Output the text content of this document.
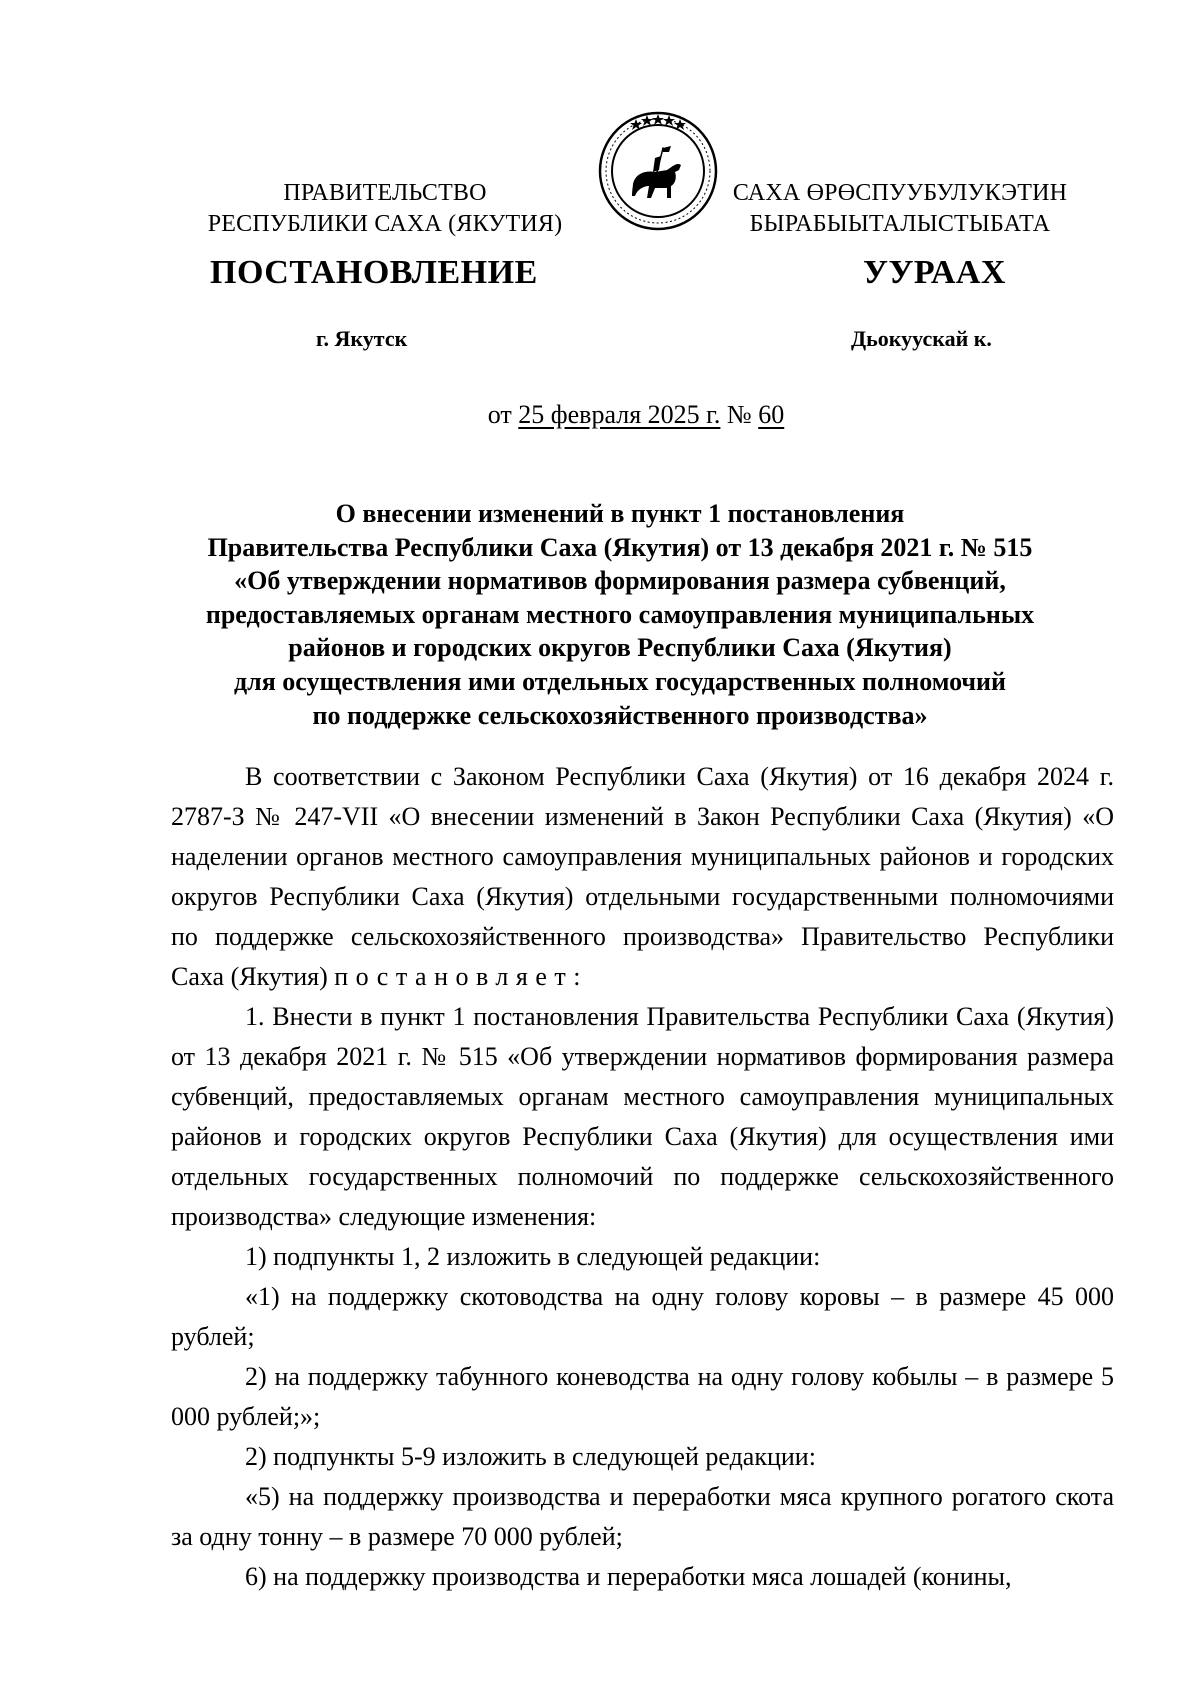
ПРАВИТЕЛЬСТВО
РЕСПУБЛИКИ САХА (ЯКУТИЯ)
САХА ӨРӨСПУУБУЛУКЭТИН
БЫРАБЫЫТАЛЫСТЫБАТА
ПОСТАНОВЛЕНИЕ	УУРААХ
г. Якутск	Дьокуускай к.
от 25 февраля 2025 г. № 60
О внесении изменений в пункт 1 постановления
Правительства Республики Саха (Якутия) от 13 декабря 2021 г. № 515
«Об утверждении нормативов формирования размера субвенций,
предоставляемых органам местного самоуправления муниципальных
районов и городских округов Республики Саха (Якутия)
для осуществления ими отдельных государственных полномочий
по поддержке сельскохозяйственного производства»

В соответствии с Законом Республики Саха (Якутия) от 16 декабря 2024 г. 2787-З № 247-VII «О внесении изменений в Закон Республики Саха (Якутия) «О наделении органов местного самоуправления муниципальных районов и городских округов Республики Саха (Якутия) отдельными государственными полномочиями по поддержке сельскохозяйственного производства» Правительство Республики Саха (Якутия) постановляет:

1. Внести в пункт 1 постановления Правительства Республики Саха (Якутия) от 13 декабря 2021 г. № 515 «Об утверждении нормативов формирования размера субвенций, предоставляемых органам местного самоуправления муниципальных районов и городских округов Республики Саха (Якутия) для осуществления ими отдельных государственных полномочий по поддержке сельскохозяйственного производства» следующие изменения:

1) подпункты 1, 2 изложить в следующей редакции:

«1) на поддержку скотоводства на одну голову коровы – в размере 45 000 рублей;

2) на поддержку табунного коневодства на одну голову кобылы – в размере 5 000 рублей;»;

2) подпункты 5-9 изложить в следующей редакции:

«5) на поддержку производства и переработки мяса крупного рогатого скота за одну тонну – в размере 70 000 рублей;

6) на поддержку производства и переработки мяса лошадей (конины,
